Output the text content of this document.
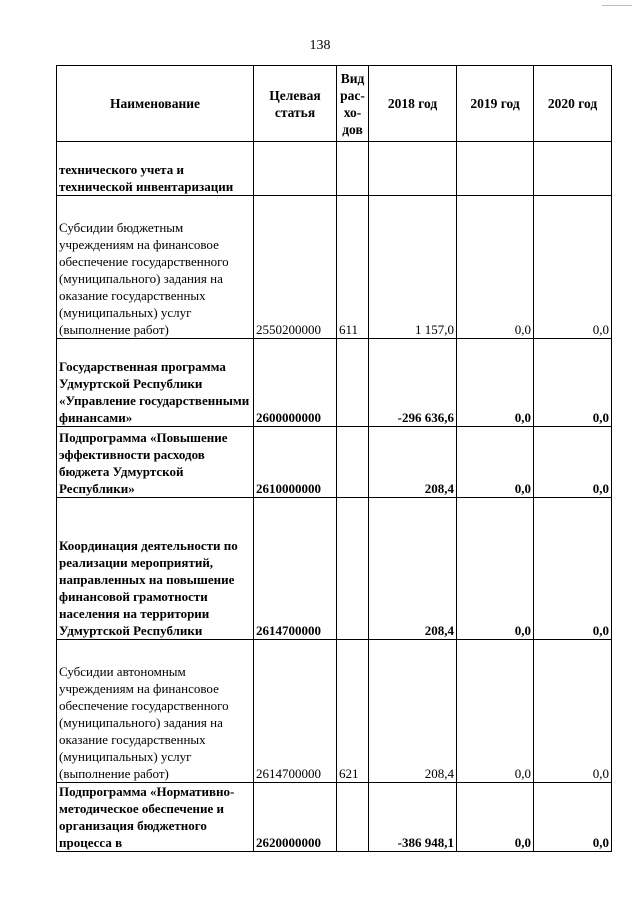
138
Наименование	Целевая статья	Вид рас-хо-дов	2018 год	2019 год	2020 год
технического учета и технической инвентаризации					
Субсидии бюджетным учреждениям на финансовое обеспечение государственного (муниципального) задания на оказание государственных (муниципальных) услуг (выполнение работ)	2550200000	611	1 157,0	0,0	0,0
Государственная программа Удмуртской Республики «Управление государственными финансами»	2600000000		-296 636,6	0,0	0,0
Подпрограмма «Повышение эффективности расходов бюджета Удмуртской Республики»	2610000000		208,4	0,0	0,0
Координация деятельности по реализации мероприятий, направленных на повышение финансовой грамотности населения на территории Удмуртской Республики	2614700000		208,4	0,0	0,0
Субсидии автономным учреждениям на финансовое обеспечение государственного (муниципального) задания на оказание государственных (муниципальных) услуг (выполнение работ)	2614700000	621	208,4	0,0	0,0
Подпрограмма «Нормативно-методическое обеспечение и организация бюджетного процесса в	2620000000		-386 948,1	0,0	0,0
